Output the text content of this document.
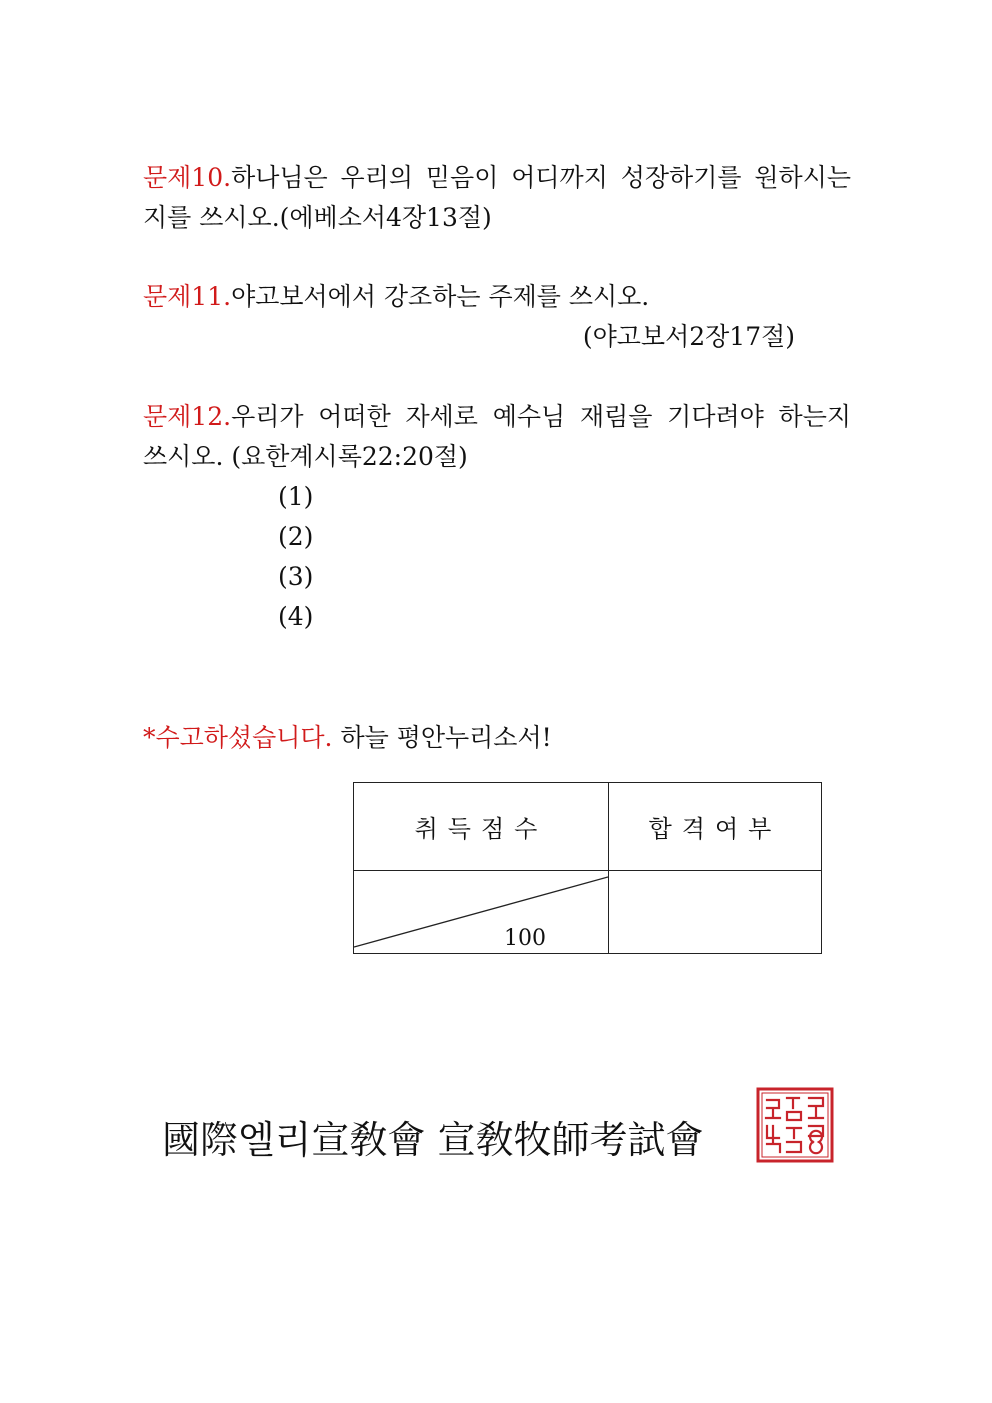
문제10.하나님은 우리의 믿음이 어디까지 성장하기를 원하시는
지를 쓰시오.(에베소서4장13절)
문제11.야고보서에서 강조하는 주제를 쓰시오.
(야고보서2장17절)
문제12.우리가 어떠한 자세로 예수님 재림을 기다려야 하는지
쓰시오. (요한계시록22:20절)
(1)
(2)
(3)
(4)
*수고하셨습니다. 하늘 평안누리소서!
취득점수	합격여부

100	

國際엘리宣敎會 宣敎牧師考試會
